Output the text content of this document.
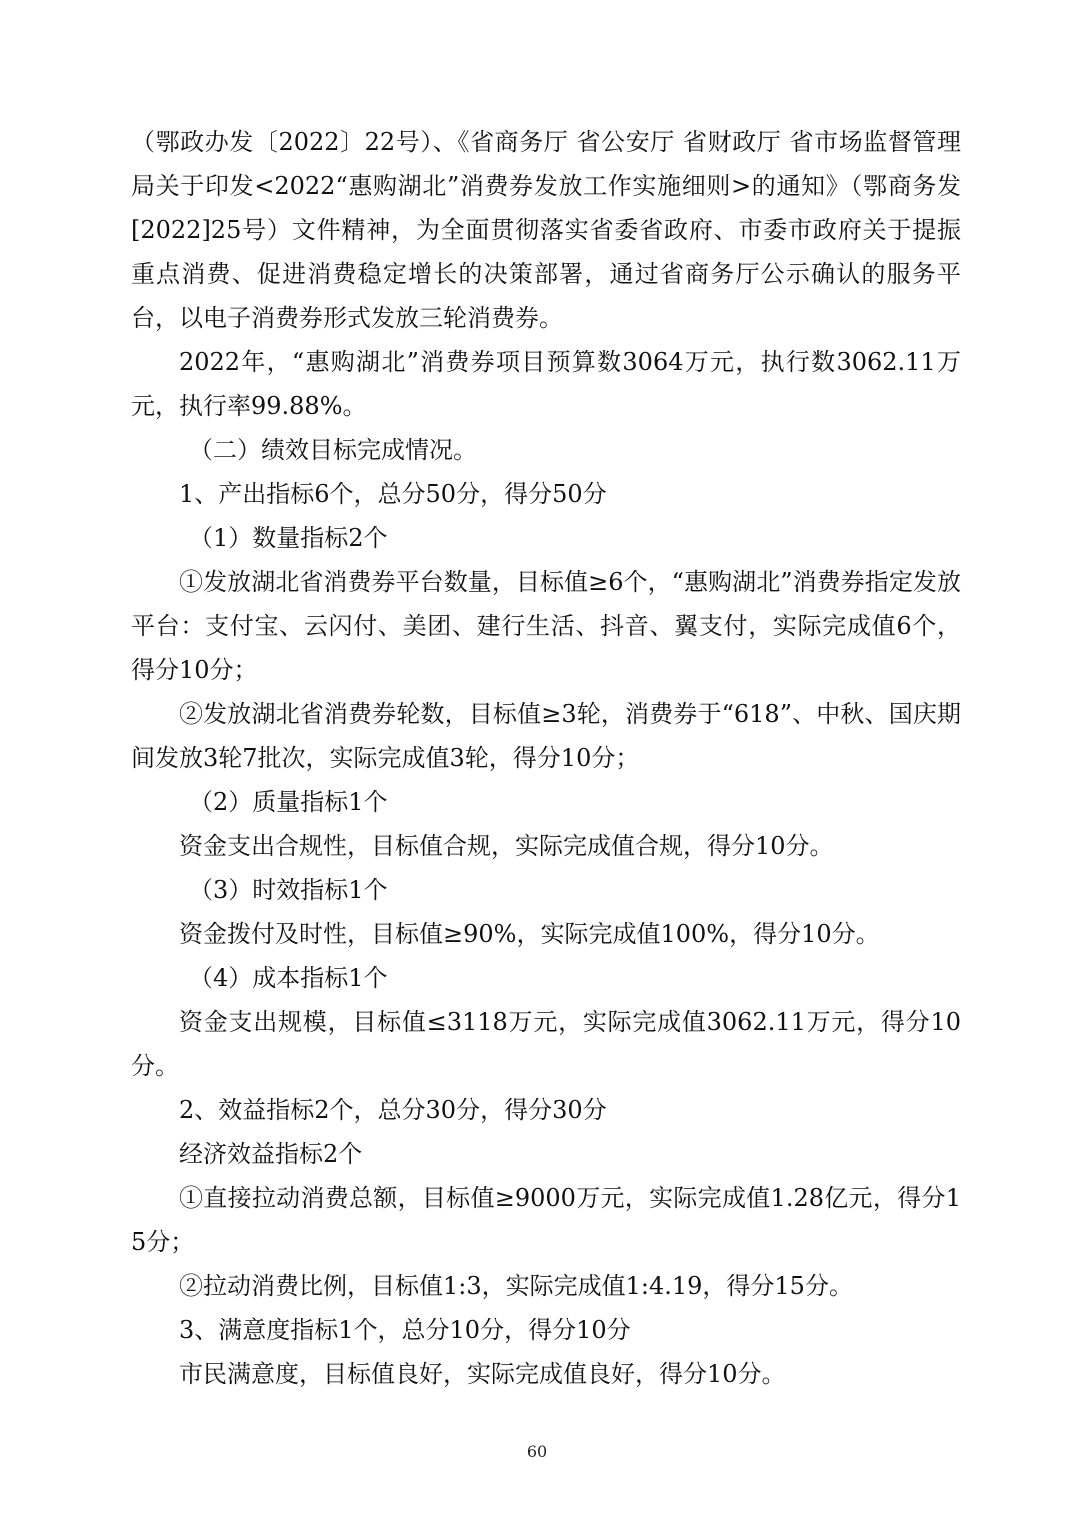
（鄂政办发〔2022〕22号）、《省商务厅 省公安厅 省财政厅 省市场监督管理局关于印发<2022“惠购湖北”消费券发放工作实施细则>的通知》（鄂商务发[2022]25号）文件精神，为全面贯彻落实省委省政府、市委市政府关于提振重点消费、促进消费稳定增长的决策部署，通过省商务厅公示确认的服务平台，以电子消费券形式发放三轮消费券。

2022年，“惠购湖北”消费券项目预算数3064万元，执行数3062.11万元，执行率99.88%。

（二）绩效目标完成情况。

1、产出指标6个，总分50分，得分50分

（1）数量指标2个

①发放湖北省消费券平台数量，目标值≥6个，“惠购湖北”消费券指定发放平台：支付宝、云闪付、美团、建行生活、抖音、翼支付，实际完成值6个，得分10分；

②发放湖北省消费券轮数，目标值≥3轮，消费券于“618”、中秋、国庆期间发放3轮7批次，实际完成值3轮，得分10分；

（2）质量指标1个

资金支出合规性，目标值合规，实际完成值合规，得分10分。

（3）时效指标1个

资金拨付及时性，目标值≥90%，实际完成值100%，得分10分。

（4）成本指标1个

资金支出规模，目标值≤3118万元，实际完成值3062.11万元，得分10分。

2、效益指标2个，总分30分，得分30分

经济效益指标2个

①直接拉动消费总额，目标值≥9000万元，实际完成值1.28亿元，得分15分；

②拉动消费比例，目标值1:3，实际完成值1:4.19，得分15分。

3、满意度指标1个，总分10分，得分10分

市民满意度，目标值良好，实际完成值良好，得分10分。

60
